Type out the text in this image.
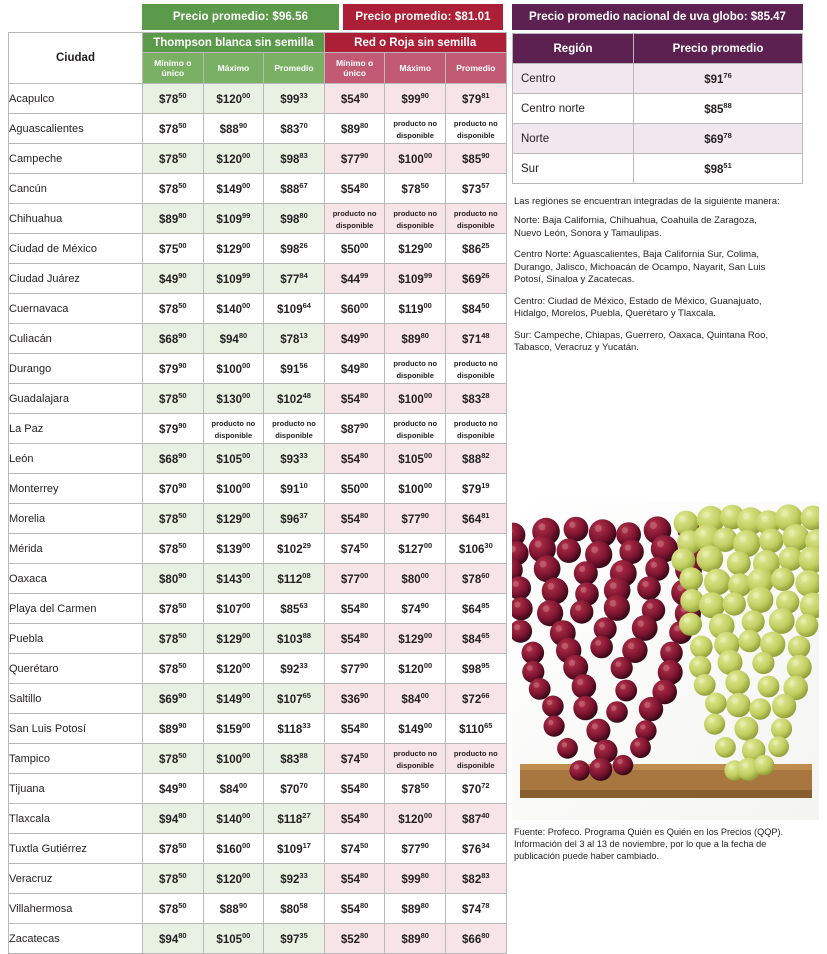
Precio promedio: $96.56	Precio promedio: $81.01
Ciudad	Thompson blanca sin semilla			Red o Roja sin semilla		
	Mínimo o único	Máximo	Promedio	Mínimo o único	Máximo	Promedio
Acapulco	$\$78^{50}$	$\$120^{00}$	$\$99^{33}$	$\$54^{80}$	$\$99^{90}$	$\$79^{81}$
Aguascalientes	$\$78^{50}$	$\$88^{90}$	$\$83^{70}$	$\$89^{80}$	producto no
disponible	producto no
disponible
Campeche	$\$78^{50}$	$\$120^{00}$	$\$98^{83}$	$\$77^{90}$	$\$100^{00}$	$\$85^{90}$
Cancún	$\$78^{50}$	$\$149^{00}$	$\$88^{67}$	$\$54^{80}$	$\$78^{50}$	$\$73^{57}$
Chihuahua	$\$89^{80}$	$\$109^{99}$	$\$98^{80}$	producto no
disponible	producto no
disponible	producto no
disponible
Ciudad de México	$\$75^{00}$	$\$129^{00}$	$\$98^{26}$	$\$50^{00}$	$\$129^{00}$	$\$86^{25}$
Ciudad Juárez	$\$49^{90}$	$\$109^{99}$	$\$77^{84}$	$\$44^{99}$	$\$109^{99}$	$\$69^{26}$
Cuernavaca	$\$78^{50}$	$\$140^{00}$	$\$109^{64}$	$\$60^{00}$	$\$119^{00}$	$\$84^{50}$
Culiacán	$\$68^{90}$	$\$94^{80}$	$\$78^{13}$	$\$49^{90}$	$\$89^{80}$	$\$71^{48}$
Durango	$\$79^{90}$	$\$100^{00}$	$\$91^{56}$	$\$49^{80}$	producto no
disponible	producto no
disponible
Guadalajara	$\$78^{50}$	$\$130^{00}$	$\$102^{48}$	$\$54^{80}$	$\$100^{00}$	$\$83^{28}$
La Paz	$\$79^{90}$	producto no
disponible	producto no
disponible	$\$87^{90}$	producto no
disponible	producto no
disponible
León	$\$68^{90}$	$\$105^{00}$	$\$93^{33}$	$\$54^{80}$	$\$105^{00}$	$\$88^{82}$
Monterrey	$\$70^{90}$	$\$100^{00}$	$\$91^{10}$	$\$50^{00}$	$\$100^{00}$	$\$79^{19}$
Morelia	$\$78^{50}$	$\$129^{00}$	$\$96^{37}$	$\$54^{80}$	$\$77^{90}$	$\$64^{81}$
Mérida	$\$78^{50}$	$\$139^{00}$	$\$102^{29}$	$\$74^{50}$	$\$127^{00}$	$\$106^{30}$
Oaxaca	$\$80^{90}$	$\$143^{00}$	$\$112^{08}$	$\$77^{00}$	$\$80^{00}$	$\$78^{60}$
Playa del Carmen	$\$78^{50}$	$\$107^{00}$	$\$85^{63}$	$\$54^{80}$	$\$74^{90}$	$\$64^{85}$
Puebla	$\$78^{50}$	$\$129^{00}$	$\$103^{88}$	$\$54^{80}$	$\$129^{00}$	$\$84^{65}$
Querétaro	$\$78^{50}$	$\$120^{00}$	$\$92^{33}$	$\$77^{90}$	$\$120^{00}$	$\$98^{95}$
Saltillo	$\$69^{90}$	$\$149^{00}$	$\$107^{65}$	$\$36^{90}$	$\$84^{00}$	$\$72^{66}$
San Luis Potosí	$\$89^{90}$	$\$159^{00}$	$\$118^{33}$	$\$54^{80}$	$\$149^{00}$	$\$110^{65}$
Tampico	$\$78^{50}$	$\$100^{00}$	$\$83^{88}$	$\$74^{50}$	producto no
disponible	producto no
disponible
Tijuana	$\$49^{90}$	$\$84^{00}$	$\$70^{70}$	$\$54^{80}$	$\$78^{50}$	$\$70^{72}$
Tlaxcala	$\$94^{80}$	$\$140^{00}$	$\$118^{27}$	$\$54^{80}$	$\$120^{00}$	$\$87^{40}$
Tuxtla Gutiérrez	$\$78^{50}$	$\$160^{00}$	$\$109^{17}$	$\$74^{50}$	$\$77^{90}$	$\$76^{34}$
Veracruz	$\$78^{50}$	$\$120^{00}$	$\$92^{33}$	$\$54^{80}$	$\$99^{80}$	$\$82^{83}$
Villahermosa	$\$78^{50}$	$\$88^{90}$	$\$80^{58}$	$\$54^{80}$	$\$89^{80}$	$\$74^{78}$
Zacatecas	$\$94^{80}$	$\$105^{00}$	$\$97^{35}$	$\$52^{80}$	$\$89^{80}$	$\$66^{80}$
Precio promedio nacional de uva globo: $85.47
Región	Precio promedio
Centro	$\$91^{76}$
Centro norte	$\$85^{88}$
Norte	$\$69^{78}$
Sur	$\$98^{51}$
Las regiones se encuentran integradas de la siguiente manera:
Norte: Baja California, Chihuahua, Coahuila de Zaragoza, Nuevo León, Sonora y Tamaulipas.
Centro Norte: Aguascalientes, Baja California Sur, Colima, Durango, Jalisco, Michoacán de Ocampo, Nayarit, San Luis Potosí, Sinaloa y Zacatecas.
Centro: Ciudad de México, Estado de México, Guanajuato, Hidalgo, Morelos, Puebla, Querétaro y Tlaxcala.
Sur: Campeche, Chiapas, Guerrero, Oaxaca, Quintana Roo, Tabasco, Veracruz y Yucatán.
Fuente: Profeco. Programa Quién es Quién en los Precios (QQP). Información del 3 al 13 de noviembre, por lo que a la fecha de publicación puede haber cambiado.
